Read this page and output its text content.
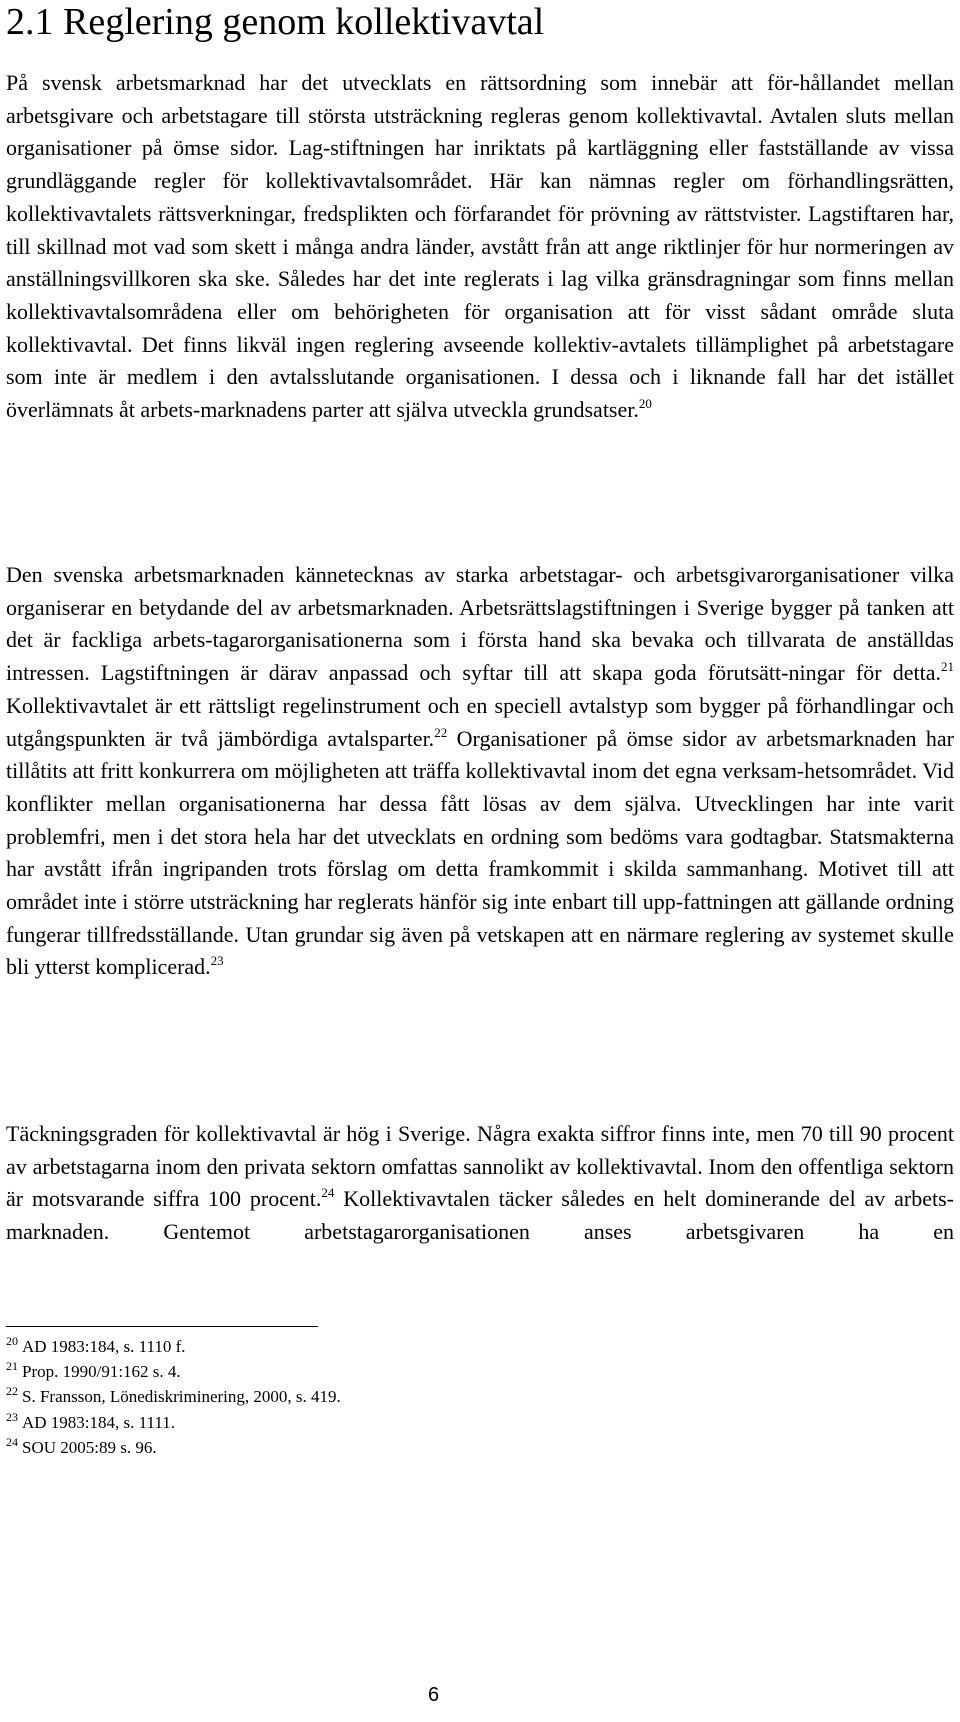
2.1 Reglering genom kollektivavtal

På svensk arbetsmarknad har det utvecklats en rättsordning som innebär att för-hållandet mellan arbetsgivare och arbetstagare till största utsträckning regleras genom kollektivavtal. Avtalen sluts mellan organisationer på ömse sidor. Lag-stiftningen har inriktats på kartläggning eller fastställande av vissa grundläggande regler för kollektivavtalsområdet. Här kan nämnas regler om förhandlingsrätten, kollektivavtalets rättsverkningar, fredsplikten och förfarandet för prövning av rättstvister. Lagstiftaren har, till skillnad mot vad som skett i många andra länder, avstått från att ange riktlinjer för hur normeringen av anställningsvillkoren ska ske. Således har det inte reglerats i lag vilka gränsdragningar som finns mellan kollektivavtalsområdena eller om behörigheten för organisation att för visst sådant område sluta kollektivavtal. Det finns likväl ingen reglering avseende kollektiv-avtalets tillämplighet på arbetstagare som inte är medlem i den avtalsslutande organisationen. I dessa och i liknande fall har det istället överlämnats åt arbets-marknadens parter att själva utveckla grundsatser.$^{20}$

Den svenska arbetsmarknaden kännetecknas av starka arbetstagar- och arbetsgivarorganisationer vilka organiserar en betydande del av arbetsmarknaden. Arbetsrättslagstiftningen i Sverige bygger på tanken att det är fackliga arbets-tagarorganisationerna som i första hand ska bevaka och tillvarata de anställdas intressen. Lagstiftningen är därav anpassad och syftar till att skapa goda förutsätt-ningar för detta.$^{21}$ Kollektivavtalet är ett rättsligt regelinstrument och en speciell avtalstyp som bygger på förhandlingar och utgångspunkten är två jämbördiga avtalsparter.$^{22}$ Organisationer på ömse sidor av arbetsmarknaden har tillåtits att fritt konkurrera om möjligheten att träffa kollektivavtal inom det egna verksam-hetsområdet. Vid konflikter mellan organisationerna har dessa fått lösas av dem själva. Utvecklingen har inte varit problemfri, men i det stora hela har det utvecklats en ordning som bedöms vara godtagbar. Statsmakterna har avstått ifrån ingripanden trots förslag om detta framkommit i skilda sammanhang. Motivet till att området inte i större utsträckning har reglerats hänför sig inte enbart till upp-fattningen att gällande ordning fungerar tillfredsställande. Utan grundar sig även på vetskapen att en närmare reglering av systemet skulle bli ytterst komplicerad.$^{23}$

Täckningsgraden för kollektivavtal är hög i Sverige. Några exakta siffror finns inte, men 70 till 90 procent av arbetstagarna inom den privata sektorn omfattas sannolikt av kollektivavtal. Inom den offentliga sektorn är motsvarande siffra 100 procent.$^{24}$ Kollektivavtalen täcker således en helt dominerande del av arbets-marknaden. Gentemot arbetstagarorganisationen anses arbetsgivaren ha en

$^{20}$ AD 1983:184, s. 1110 f.
$^{21}$ Prop. 1990/91:162 s. 4.
$^{22}$ S. Fransson, Lönediskriminering, 2000, s. 419.
$^{23}$ AD 1983:184, s. 1111.
$^{24}$ SOU 2005:89 s. 96.
6
